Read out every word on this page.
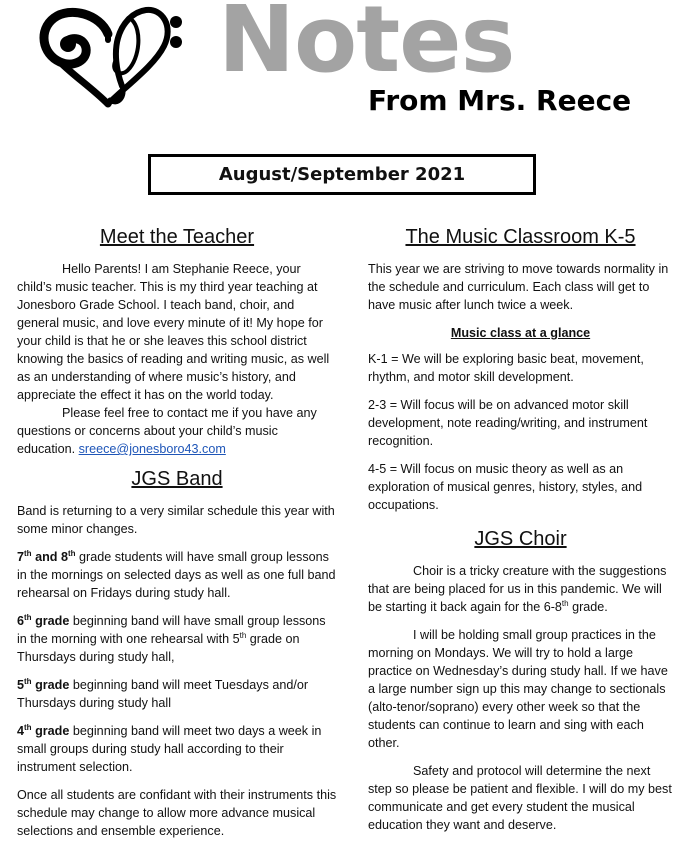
Notes
From Mrs. Reece
August/September 2021
Meet the Teacher

Hello Parents! I am Stephanie Reece, your child’s music teacher. This is my third year teaching at Jonesboro Grade School. I teach band, choir, and general music, and love every minute of it! My hope for your child is that he or she leaves this school district knowing the basics of reading and writing music, as well as an understanding of where music’s history, and appreciate the effect it has on the world today.

Please feel free to contact me if you have any questions or concerns about your child’s music education. sreece@jonesboro43.com

JGS Band

Band is returning to a very similar schedule this year with some minor changes.

7th and 8th grade students will have small group lessons in the mornings on selected days as well as one full band rehearsal on Fridays during study hall.

6th grade beginning band will have small group lessons in the morning with one rehearsal with 5th grade on Thursdays during study hall,

5th grade beginning band will meet Tuesdays and/or Thursdays during study hall

4th grade beginning band will meet two days a week in small groups during study hall according to their instrument selection.

Once all students are confidant with their instruments this schedule may change to allow more advance musical selections and ensemble experience.

The Music Classroom K-5

This year we are striving to move towards normality in the schedule and curriculum. Each class will get to have music after lunch twice a week.

Music class at a glance

K-1 = We will be exploring basic beat, movement, rhythm, and motor skill development.

2-3 = Will focus will be on advanced motor skill development, note reading/writing, and instrument recognition.

4-5 = Will focus on music theory as well as an exploration of musical genres, history, styles, and occupations.

JGS Choir

Choir is a tricky creature with the suggestions that are being placed for us in this pandemic. We will be starting it back again for the 6-8th grade.

I will be holding small group practices in the morning on Mondays. We will try to hold a large practice on Wednesday’s during study hall. If we have a large number sign up this may change to sectionals (alto-tenor/soprano) every other week so that the students can continue to learn and sing with each other.

Safety and protocol will determine the next step so please be patient and flexible. I will do my best communicate and get every student the musical education they want and deserve.
